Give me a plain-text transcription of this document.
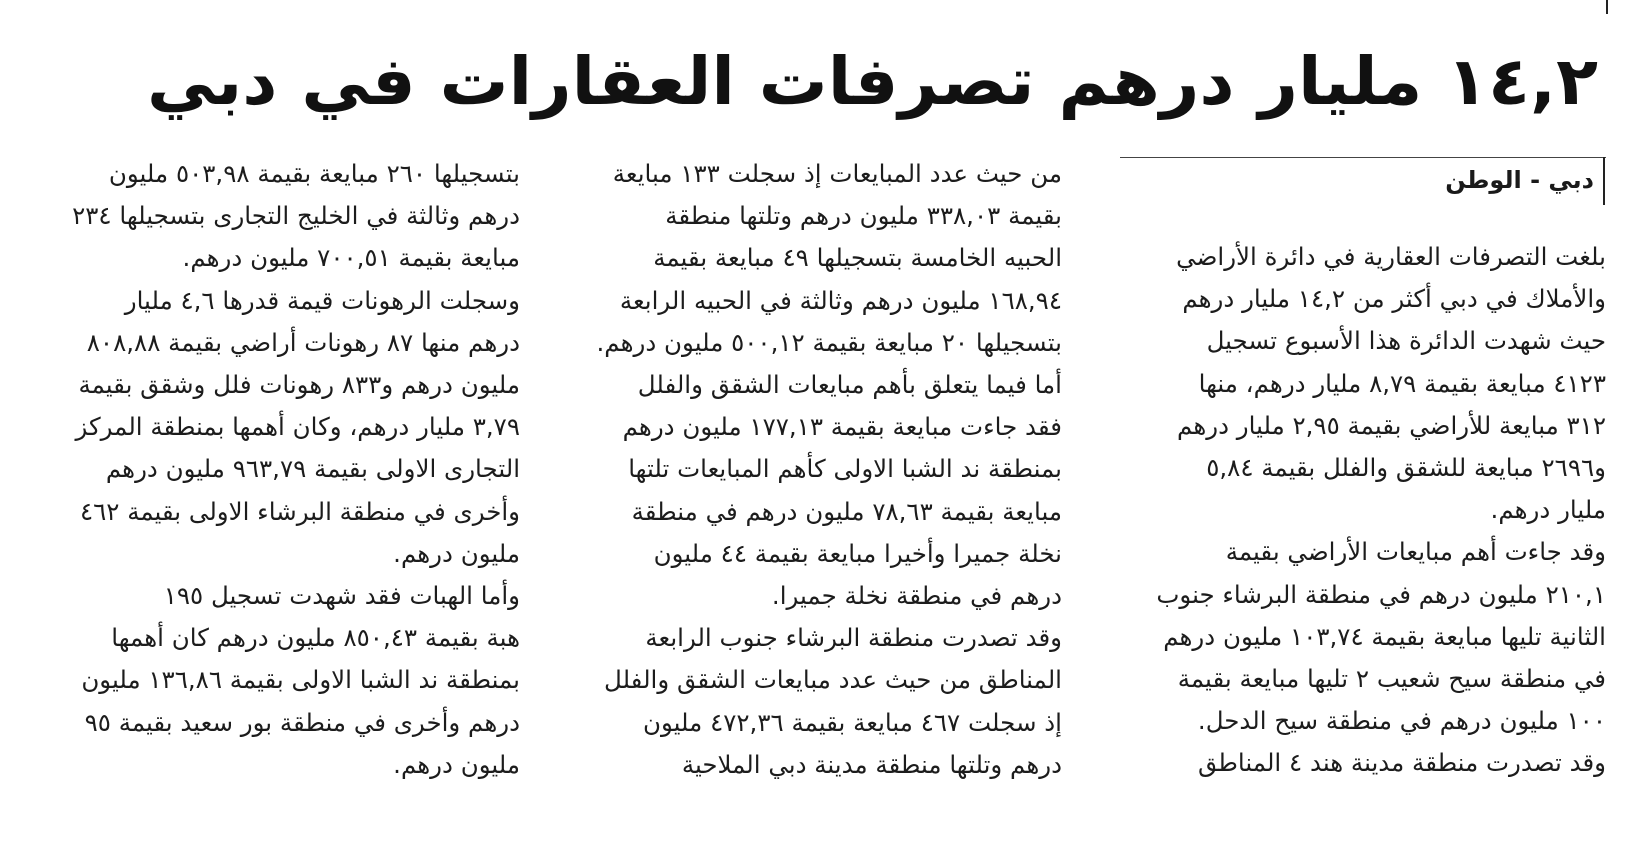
١٤,٢ مليار درهم تصرفات العقارات في دبي

دبي - الوطن

بلغت التصرفات العقارية في دائرة الأراضي
والأملاك في دبي أكثر من ١٤,٢ مليار درهم
حيث شهدت الدائرة هذا الأسبوع تسجيل
٤١٢٣ مبايعة بقيمة ٨,٧٩ مليار درهم، منها
٣١٢ مبايعة للأراضي بقيمة ٢,٩٥ مليار درهم
و٢٦٩٦ مبايعة للشقق والفلل بقيمة ٥,٨٤
مليار درهم.
وقد جاءت أهم مبايعات الأراضي بقيمة
٢١٠,١ مليون درهم في منطقة البرشاء جنوب
الثانية تليها مبايعة بقيمة ١٠٣,٧٤ مليون درهم
في منطقة سيح شعيب ٢ تليها مبايعة بقيمة
١٠٠ مليون درهم في منطقة سيح الدحل.
وقد تصدرت منطقة مدينة هند ٤ المناطق
من حيث عدد المبايعات إذ سجلت ١٣٣ مبايعة
بقيمة ٣٣٨,٠٣ مليون درهم وتلتها منطقة
الحبيه الخامسة بتسجيلها ٤٩ مبايعة بقيمة
١٦٨,٩٤ مليون درهم وثالثة في الحبيه الرابعة
بتسجيلها ٢٠ مبايعة بقيمة ٥٠٠,١٢ مليون درهم.
أما فيما يتعلق بأهم مبايعات الشقق والفلل
فقد جاءت مبايعة بقيمة ١٧٧,١٣ مليون درهم
بمنطقة ند الشبا الاولى كأهم المبايعات تلتها
مبايعة بقيمة ٧٨,٦٣ مليون درهم في منطقة
نخلة جميرا وأخيرا مبايعة بقيمة ٤٤ مليون
درهم في منطقة نخلة جميرا.
وقد تصدرت منطقة البرشاء جنوب الرابعة
المناطق من حيث عدد مبايعات الشقق والفلل
إذ سجلت ٤٦٧ مبايعة بقيمة ٤٧٢,٣٦ مليون
درهم وتلتها منطقة مدينة دبي الملاحية
بتسجيلها ٢٦٠ مبايعة بقيمة ٥٠٣,٩٨ مليون
درهم وثالثة في الخليج التجارى بتسجيلها ٢٣٤
مبايعة بقيمة ٧٠٠,٥١ مليون درهم.
وسجلت الرهونات قيمة قدرها ٤,٦ مليار
درهم منها ٨٧ رهونات أراضي بقيمة ٨٠٨,٨٨
مليون درهم و٨٣٣ رهونات فلل وشقق بقيمة
٣,٧٩ مليار درهم، وكان أهمها بمنطقة المركز
التجارى الاولى بقيمة ٩٦٣,٧٩ مليون درهم
وأخرى في منطقة البرشاء الاولى بقيمة ٤٦٢
مليون درهم.
وأما الهبات فقد شهدت تسجيل ١٩٥
هبة بقيمة ٨٥٠,٤٣ مليون درهم كان أهمها
بمنطقة ند الشبا الاولى بقيمة ١٣٦,٨٦ مليون
درهم وأخرى في منطقة بور سعيد بقيمة ٩٥
مليون درهم.
